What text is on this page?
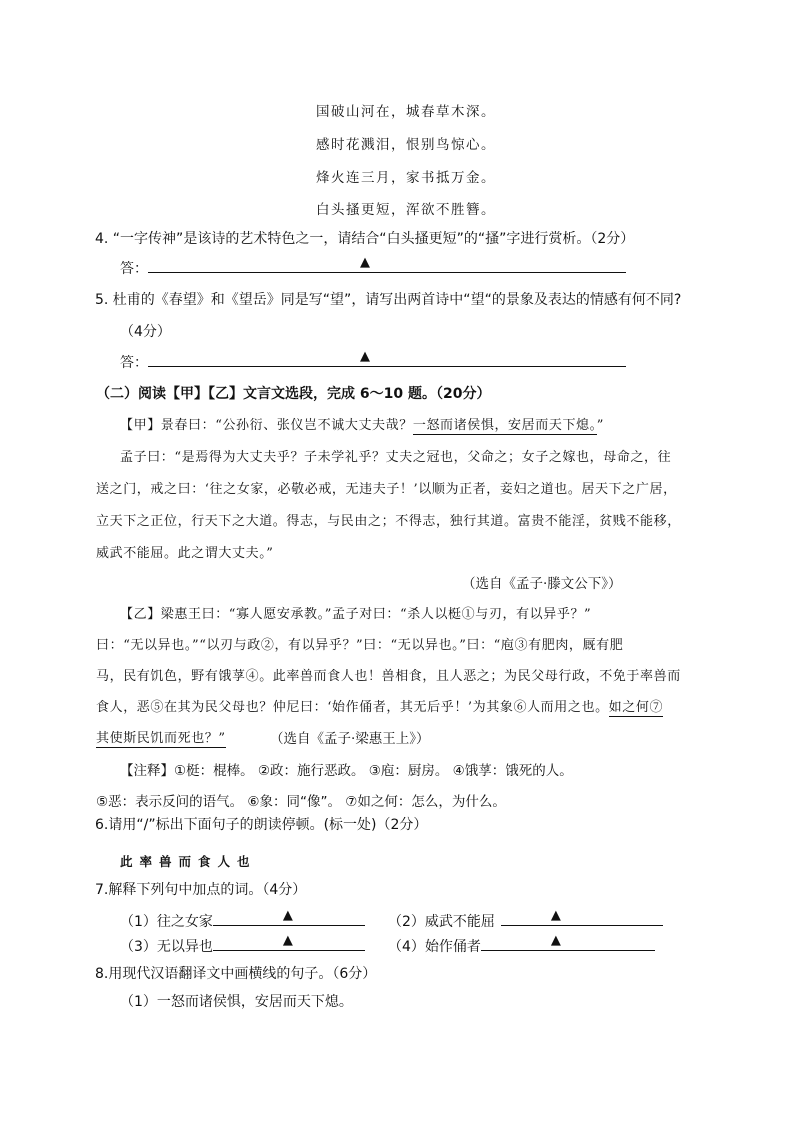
国破山河在，城春草木深。
感时花溅泪，恨别鸟惊心。
烽火连三月，家书抵万金。
白头搔更短，浑欲不胜簪。
4. “一字传神”是该诗的艺术特色之一，请结合“白头搔更短”的“搔”字进行赏析。（2分）
答：	▲
5. 杜甫的《春望》和《望岳》同是写“望”，请写出两首诗中“望“的景象及表达的情感有何不同?
（4分）
答：	▲
（二）阅读【甲】【乙】文言文选段，完成 6～10 题。（20分）
【甲】景春曰：“公孙衍、张仪岂不诚大丈夫哉？一怒而诸侯惧，安居而天下熄。”
孟子曰：“是焉得为大丈夫乎？子未学礼乎？丈夫之冠也，父命之；女子之嫁也，母命之，往
送之门，戒之曰：‘往之女家，必敬必戒，无违夫子！’以顺为正者，妾妇之道也。居天下之广居，
立天下之正位，行天下之大道。得志，与民由之；不得志，独行其道。富贵不能淫，贫贱不能移，
威武不能屈。此之谓大丈夫。”
（选自《孟子·滕文公下》）
【乙】梁惠王曰：“寡人愿安承教。”孟子对曰：“杀人以梃①与刃，有以异乎？”
曰：“无以异也。”“以刃与政②，有以异乎？”曰：“无以异也。”曰：“庖③有肥肉，厩有肥
马，民有饥色，野有饿莩④。此率兽而食人也！兽相食，且人恶之；为民父母行政，不免于率兽而
食人，恶⑤在其为民父母也？仲尼曰：‘始作俑者，其无后乎！’为其象⑥人而用之也。如之何⑦
其使斯民饥而死也？”	（选自《孟子·梁惠王上》）
【注释】①梃：棍棒。 ②政：施行恶政。 ③庖：厨房。 ④饿莩：饿死的人。
⑤恶：表示反问的语气。 ⑥象：同“像”。 ⑦如之何：怎么，为什么。
6.请用“/”标出下面句子的朗读停顿。(标一处)（2分）
此率兽而食人也
7.解释下列句中加点的词。（4分）
（1）往之女家	▲	（2）威武不能屈	▲
（3）无以异也	▲	（4）始作俑者	▲
8.用现代汉语翻译文中画横线的句子。（6分）
（1）一怒而诸侯惧，安居而天下熄。
